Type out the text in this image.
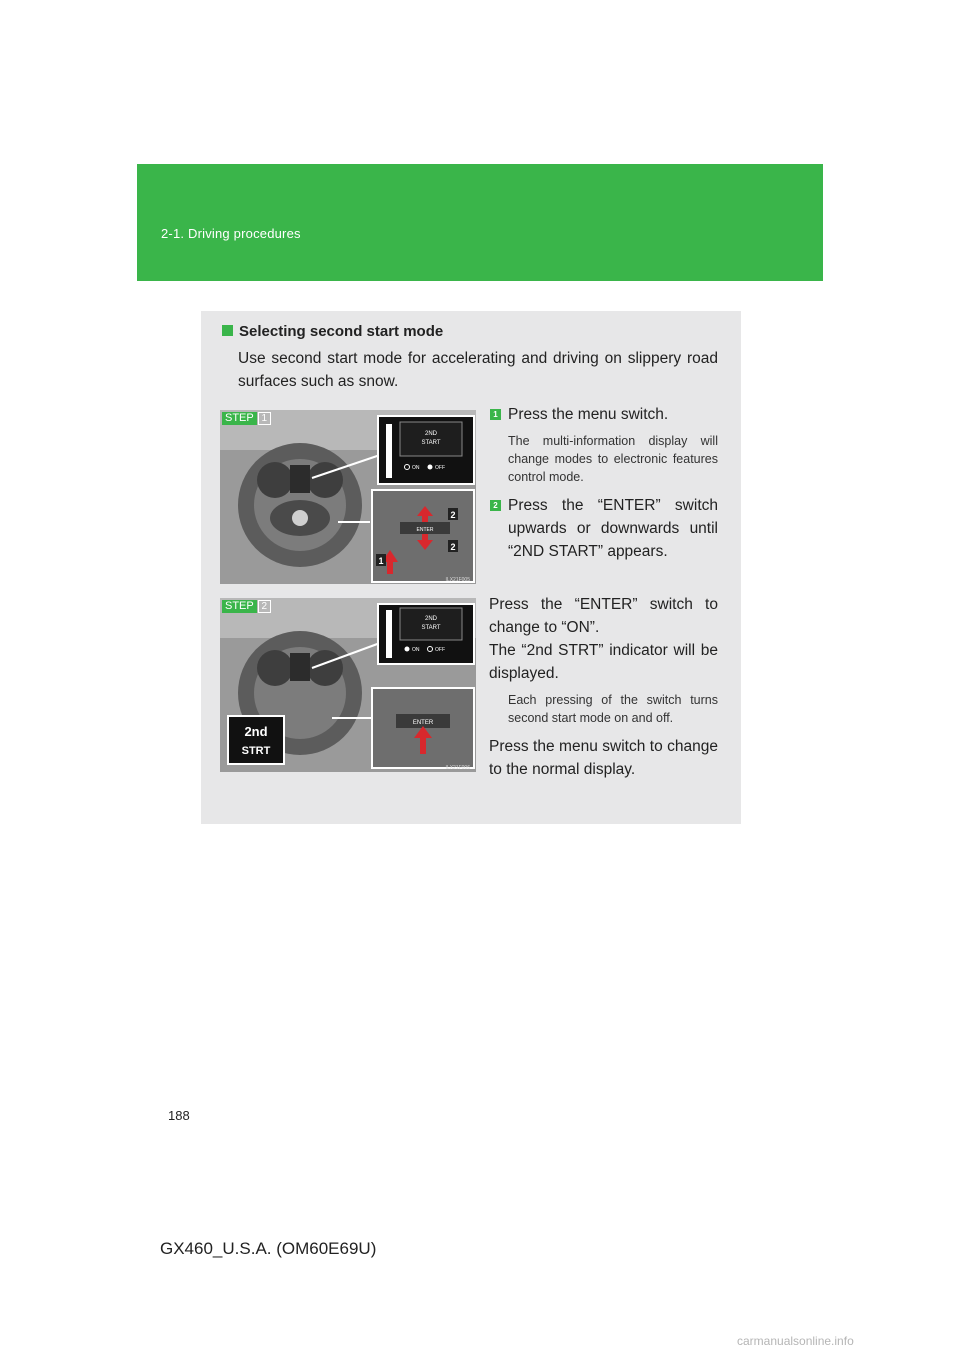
2-1. Driving procedures
Selecting second start mode
Use second start mode for accelerating and driving on slippery road surfaces such as snow.
STEP 1
2ND
START
ON	OFF
ENTER
2
2
1
ILX21F005
STEP 2
2ND
START
ON	OFF
2nd
STRT
ENTER
ILX21F006
1 Press the menu switch.
The multi-information display will change modes to electronic features control mode.
2 Press the “ENTER” switch upwards or downwards until “2ND START” appears.
Press the “ENTER” switch to change to “ON”.
The “2nd STRT” indicator will be displayed.
Each pressing of the switch turns second start mode on and off.
Press the menu switch to change to the normal display.
188
GX460_U.S.A. (OM60E69U)
carmanualsonline.info
